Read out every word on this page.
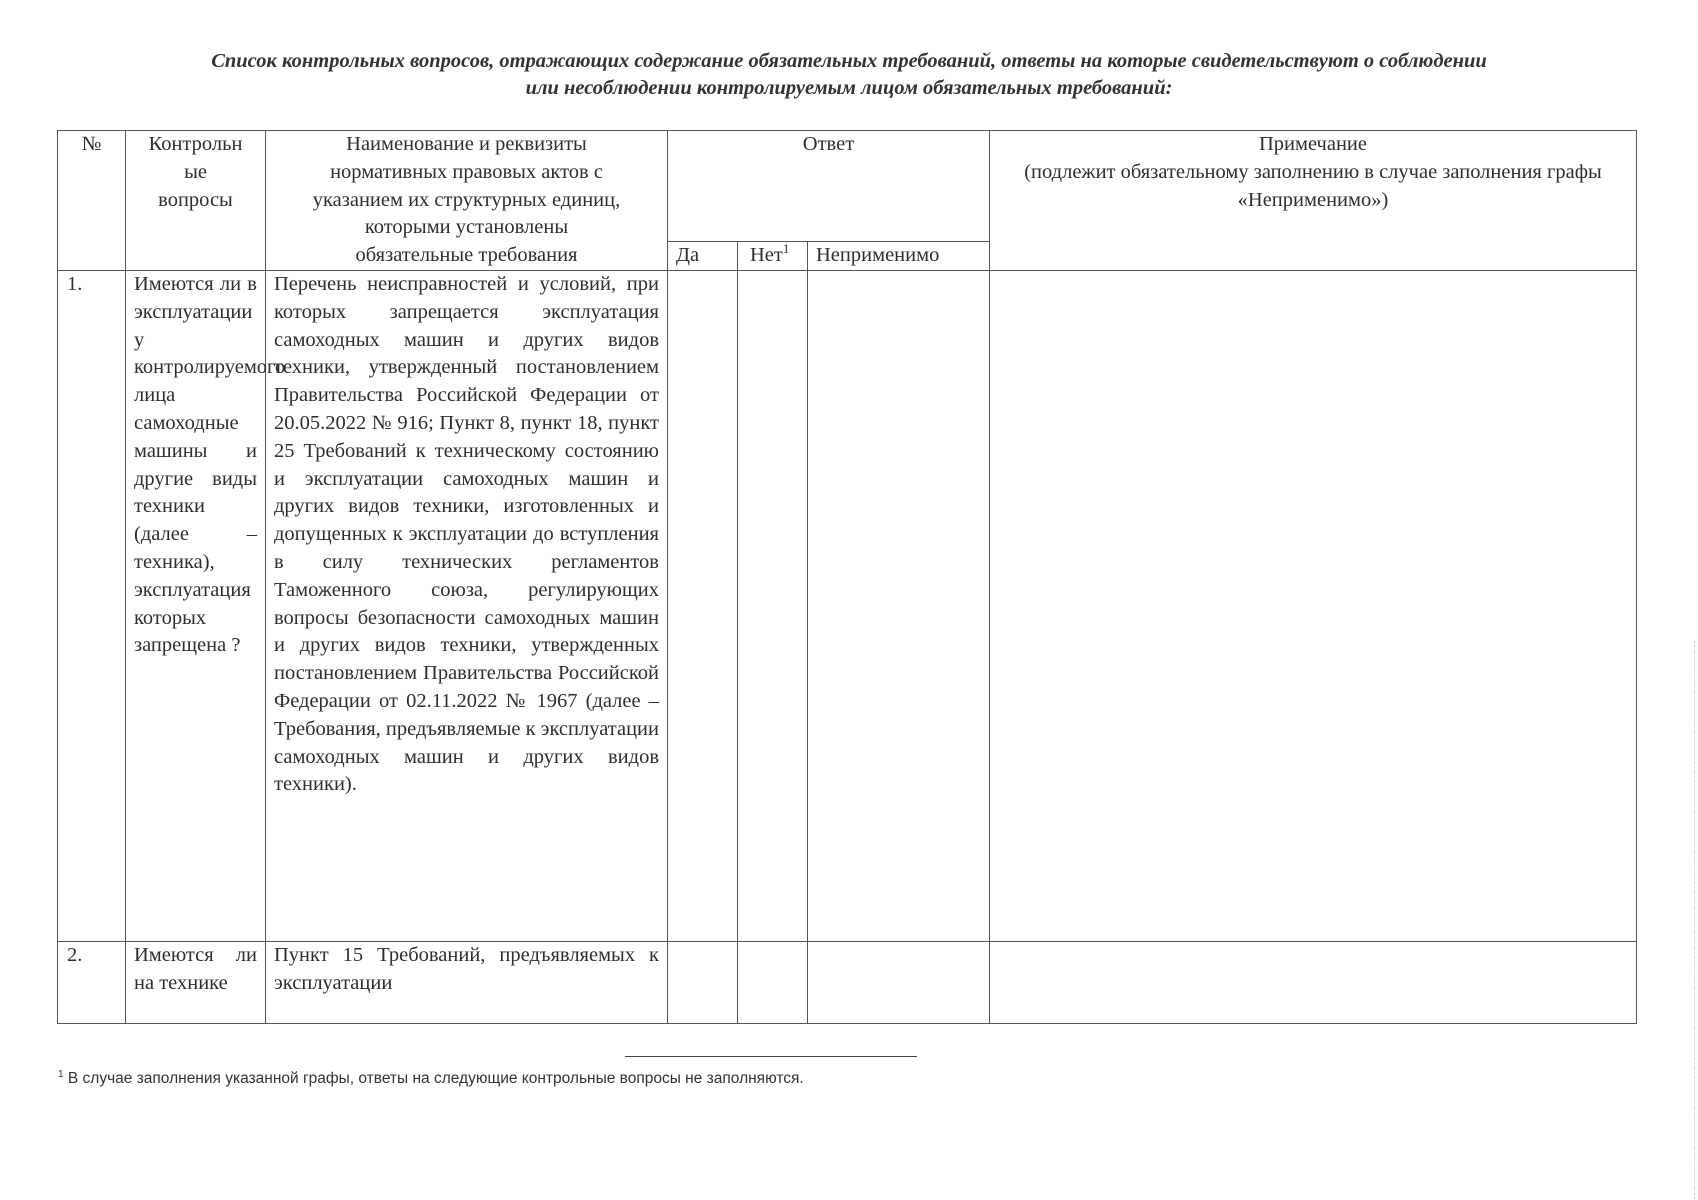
Список контрольных вопросов, отражающих содержание обязательных требований, ответы на которые свидетельствуют о соблюдении
или несоблюдении контролируемым лицом обязательных требований:
№	Контрольн
ые
вопросы	Наименование и реквизиты
нормативных правовых актов с
указанием их структурных единиц,
которыми установлены
обязательные требования	Ответ			Примечание
(подлежит обязательному заполнению в случае заполнения графы «Неприменимо»)

			Да	Нет$^1$	Неприменимо	
1.	Имеются ли в эксплуатации у контролируемого лица самоходные машины и другие виды техники (далее – техника), эксплуатация которых запрещена ?	Перечень неисправностей и условий, при которых запрещается эксплуатация самоходных машин и других видов техники, утвержденный постановлением Правительства Российской Федерации от 20.05.2022 № 916; Пункт 8, пункт 18, пункт 25 Требований к техническому состоянию и эксплуатации самоходных машин и других видов техники, изготовленных и допущенных к эксплуатации до вступления в силу технических регламентов Таможенного союза, регулирующих вопросы безопасности самоходных машин и других видов техники, утвержденных постановлением Правительства Российской Федерации от 02.11.2022 № 1967 (далее – Требования, предъявляемые к эксплуатации самоходных машин и других видов техники).				
2.	Имеются ли на технике	Пункт 15 Требований, предъявляемых к эксплуатации				
$^1$ В случае заполнения указанной графы, ответы на следующие контрольные вопросы не заполняются.
